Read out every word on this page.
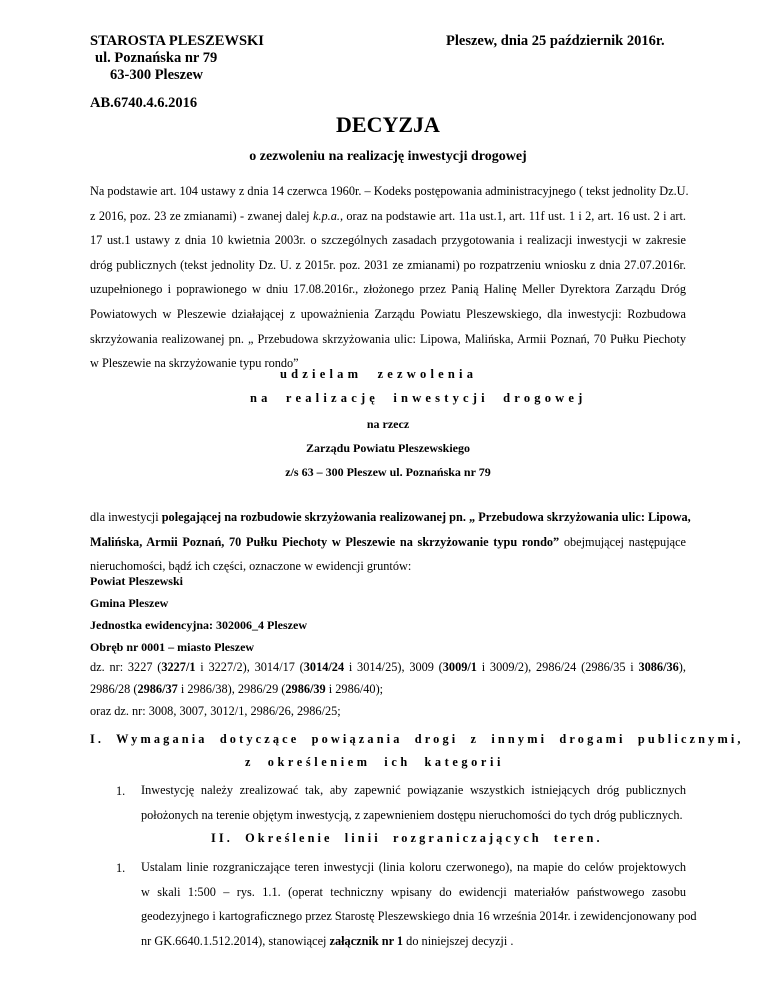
STAROSTA PLESZEWSKI
ul. Poznańska nr 79
63-300 Pleszew
Pleszew, dnia 25 październik 2016r.
AB.6740.4.6.2016
DECYZJA
o zezwoleniu na realizację inwestycji drogowej
Na podstawie art. 104 ustawy z dnia 14 czerwca 1960r. – Kodeks postępowania administracyjnego ( tekst jednolity Dz.U.
z 2016, poz. 23 ze zmianami) - zwanej dalej k.p.a., oraz na podstawie art. 11a ust.1, art. 11f ust. 1 i 2, art. 16 ust. 2 i art.
17 ust.1 ustawy z dnia 10 kwietnia 2003r. o szczególnych zasadach przygotowania i realizacji inwestycji w zakresie
dróg publicznych (tekst jednolity Dz. U. z 2015r. poz. 2031 ze zmianami) po rozpatrzeniu wniosku z dnia 27.07.2016r.
uzupełnionego i poprawionego w dniu 17.08.2016r., złożonego przez Panią Halinę Meller Dyrektora Zarządu Dróg
Powiatowych w Pleszewie działającej z upoważnienia Zarządu Powiatu Pleszewskiego, dla inwestycji: Rozbudowa
skrzyżowania realizowanej pn. „ Przebudowa skrzyżowania ulic: Lipowa, Malińska, Armii Poznań, 70 Pułku Piechoty
w Pleszewie na skrzyżowanie typu rondo”
udzielam zezwolenia
na realizację inwestycji drogowej
na rzecz
Zarządu Powiatu Pleszewskiego
z/s 63 – 300 Pleszew ul. Poznańska nr 79
dla inwestycji polegającej na rozbudowie skrzyżowania realizowanej pn. „ Przebudowa skrzyżowania ulic: Lipowa,
Malińska, Armii Poznań, 70 Pułku Piechoty w Pleszewie na skrzyżowanie typu rondo” obejmującej następujące
nieruchomości, bądź ich części, oznaczone w ewidencji gruntów:
Powiat Pleszewski
Gmina Pleszew
Jednostka ewidencyjna: 302006_4 Pleszew
Obręb nr 0001 – miasto Pleszew
dz. nr: 3227 (3227/1 i 3227/2), 3014/17 (3014/24 i 3014/25), 3009 (3009/1 i 3009/2), 2986/24 (2986/35 i 3086/36),
2986/28 (2986/37 i 2986/38), 2986/29 (2986/39 i 2986/40);
oraz dz. nr: 3008, 3007, 3012/1, 2986/26, 2986/25;
I. Wymagania dotyczące powiązania drogi z innymi drogami publicznymi,
z określeniem ich kategorii
1. Inwestycję należy zrealizować tak, aby zapewnić powiązanie wszystkich istniejących dróg publicznych
położonych na terenie objętym inwestycją, z zapewnieniem dostępu nieruchomości do tych dróg publicznych.
II. Określenie linii rozgraniczających teren.
1. Ustalam linie rozgraniczające teren inwestycji (linia koloru czerwonego), na mapie do celów projektowych
w skali 1:500 – rys. 1.1. (operat techniczny wpisany do ewidencji materiałów państwowego zasobu
geodezyjnego i kartograficznego przez Starostę Pleszewskiego dnia 16 września 2014r. i zewidencjonowany pod
nr GK.6640.1.512.2014), stanowiącej załącznik nr 1 do niniejszej decyzji .
